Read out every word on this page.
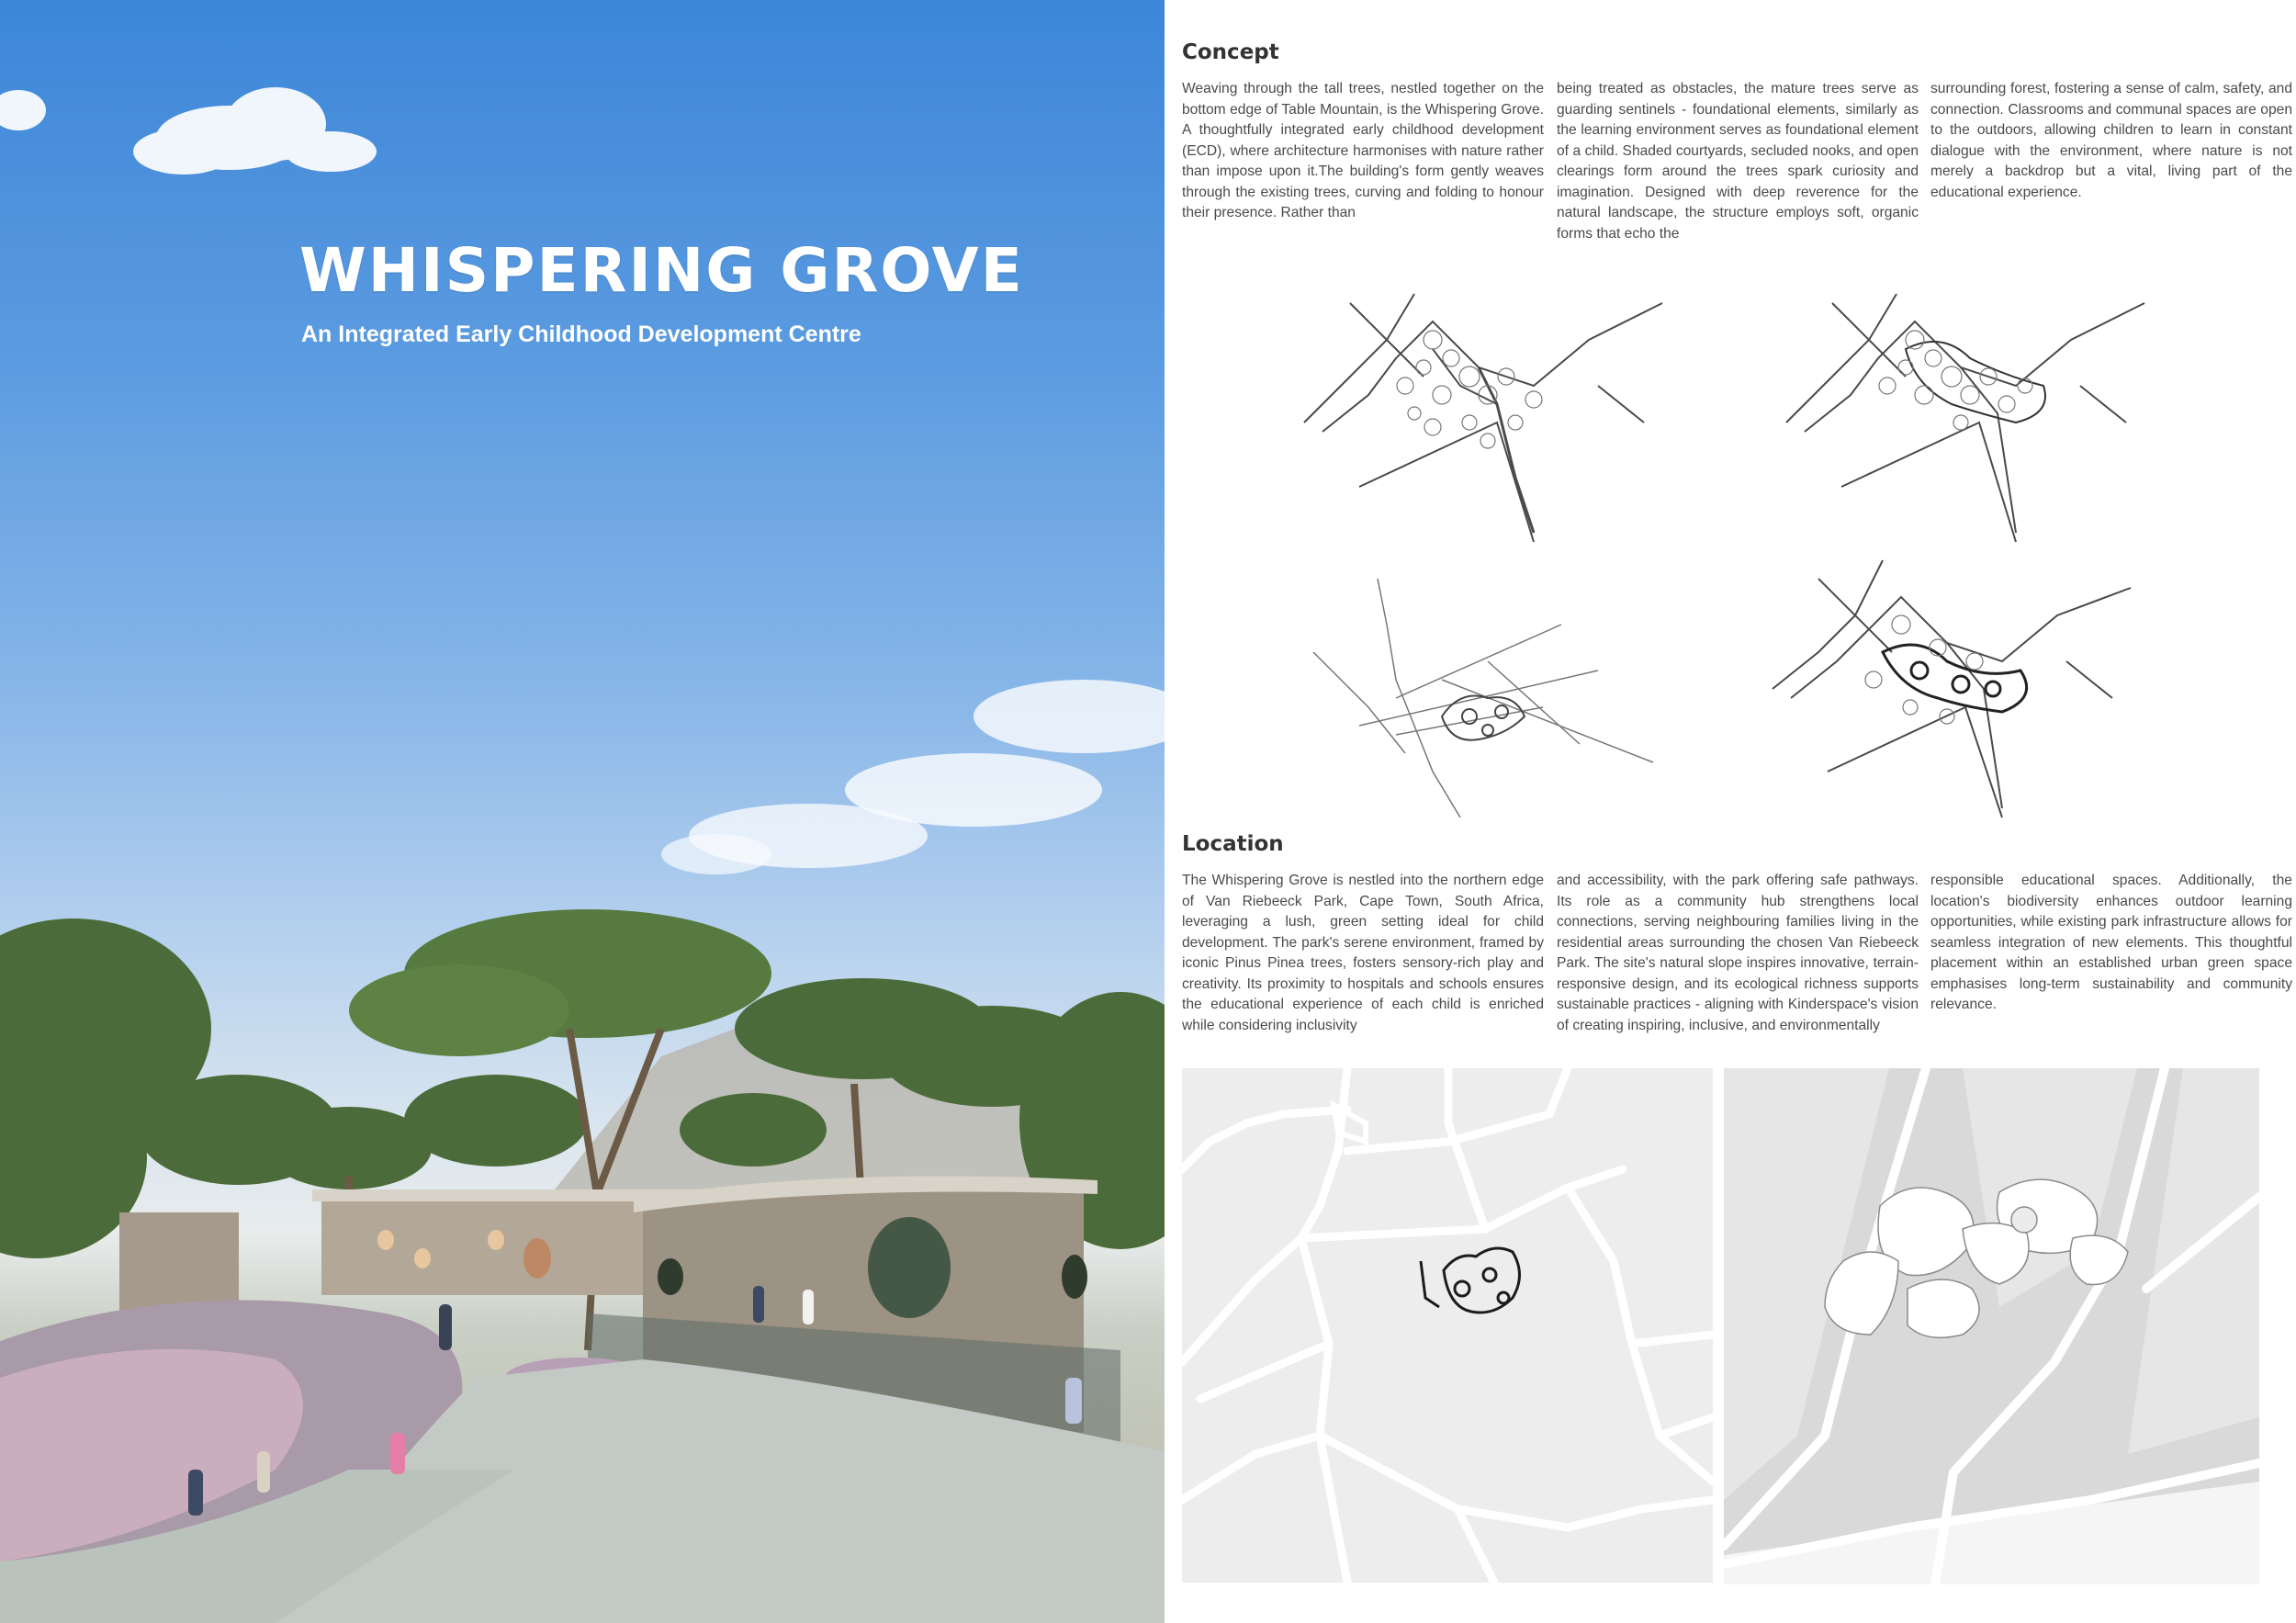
WHISPERING GROVE
An Integrated Early Childhood Development Centre
Concept

Weaving through the tall trees, nestled together on the bottom edge of Table Mountain, is the Whispering Grove. A thoughtfully integrated early childhood development (ECD), where architecture harmonises with nature rather than impose upon it.The building's form gently weaves through the existing trees, curving and folding to honour their presence. Rather than

being treated as obstacles, the mature trees serve as guarding sentinels - foundational elements, similarly as the learning environment serves as foundational element of a child. Shaded courtyards, secluded nooks, and open clearings form around the trees spark curiosity and imagination. Designed with deep reverence for the natural landscape, the structure employs soft, organic forms that echo the

surrounding forest, fostering a sense of calm, safety, and connection. Classrooms and communal spaces are open to the outdoors, allowing children to learn in constant dialogue with the environment, where nature is not merely a backdrop but a vital, living part of the educational experience.

Location

The Whispering Grove is nestled into the northern edge of Van Riebeeck Park, Cape Town, South Africa, leveraging a lush, green setting ideal for child development. The park's serene environment, framed by iconic Pinus Pinea trees, fosters sensory-rich play and creativity. Its proximity to hospitals and schools ensures the educational experience of each child is enriched while considering inclusivity

and accessibility, with the park offering safe pathways. Its role as a community hub strengthens local connections, serving neighbouring families living in the residential areas surrounding the chosen Van Riebeeck Park. The site's natural slope inspires innovative, terrain-responsive design, and its ecological richness supports sustainable practices - aligning with Kinderspace's vision of creating inspiring, inclusive, and environmentally

responsible educational spaces. Additionally, the location's biodiversity enhances outdoor learning opportunities, while existing park infrastructure allows for seamless integration of new elements. This thoughtful placement within an established urban green space emphasises long-term sustainability and community relevance.
